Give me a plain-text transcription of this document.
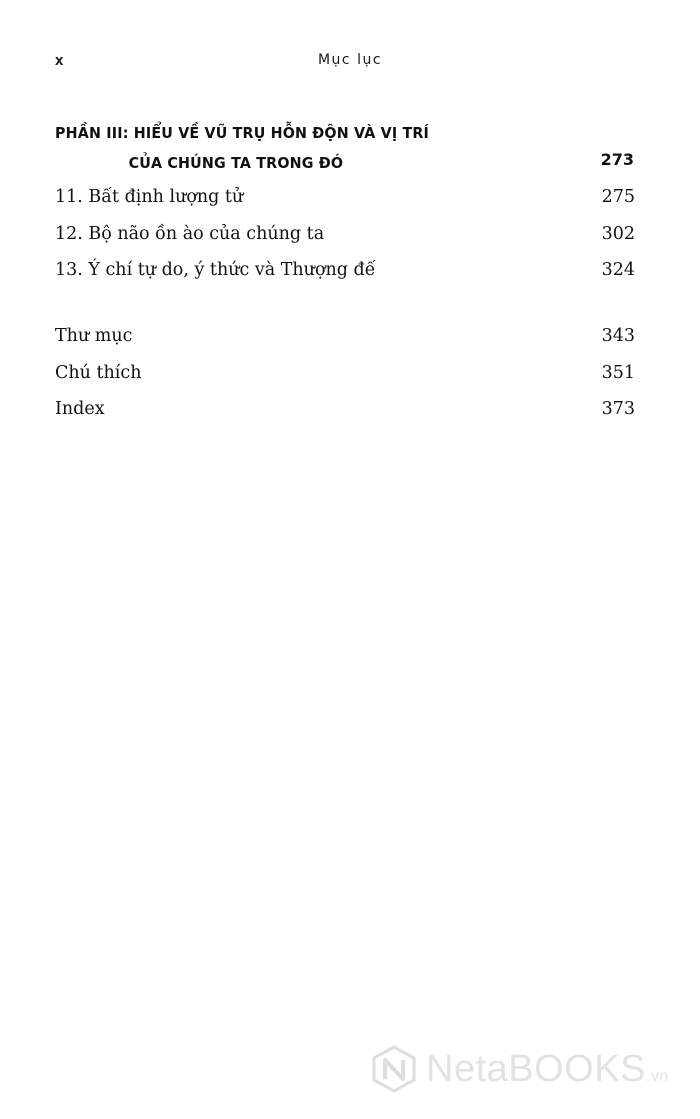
x	Mục lục
PHẦN III: HIỂU VỀ VŨ TRỤ HỖN ĐỘN VÀ VỊ TRÍ
CỦA CHÚNG TA TRONG ĐÓ	273
11. Bất định lượng tử	275
12. Bộ não ồn ào của chúng ta	302
13. Ý chí tự do, ý thức và Thượng đế	324
Thư mục	343
Chú thích	351
Index	373
NetaBOOKS.vn
